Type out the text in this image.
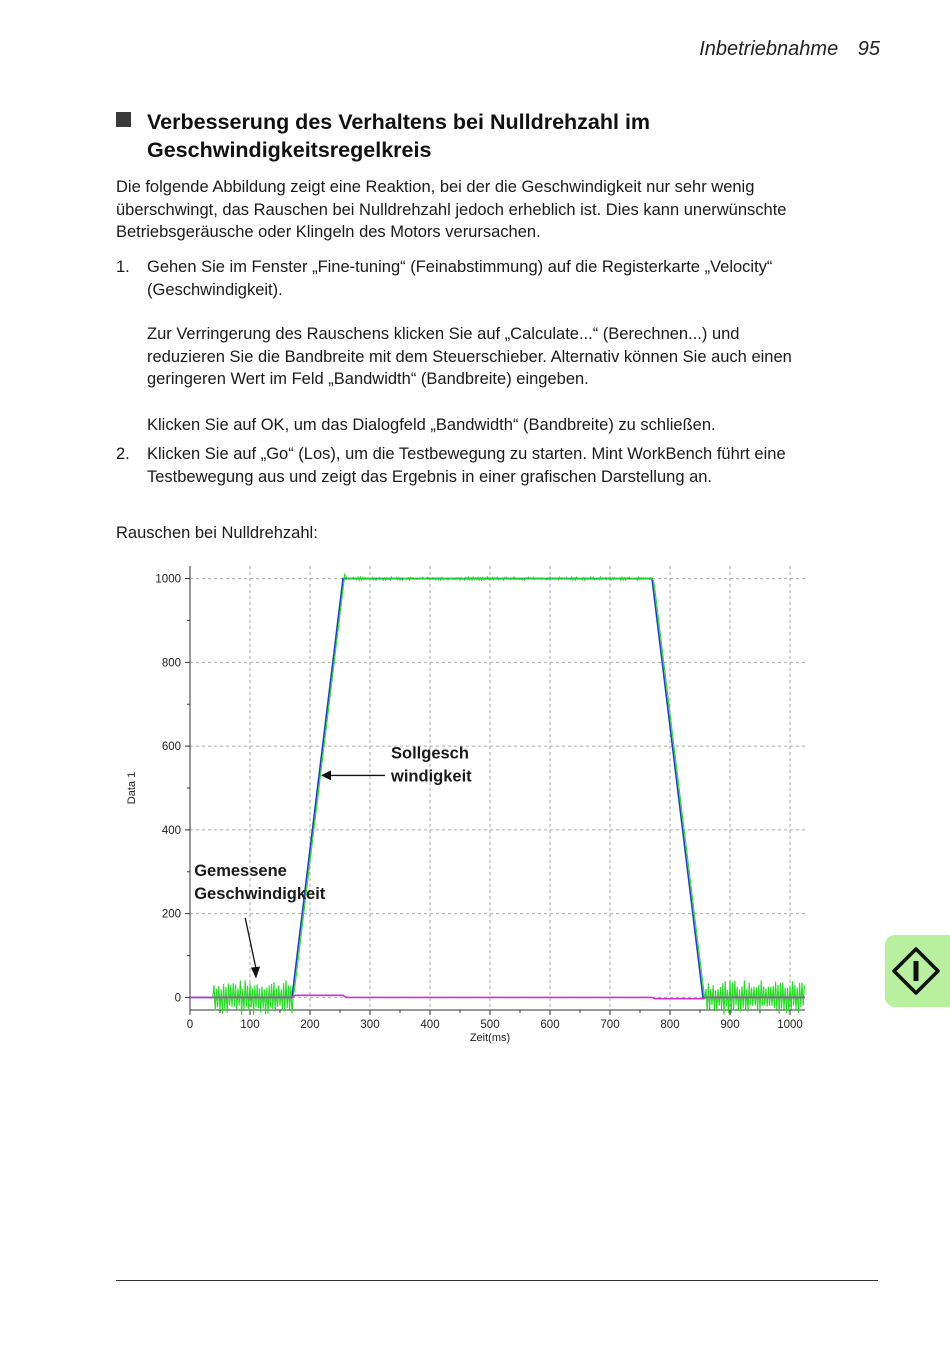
Inbetriebnahme 95
Verbesserung des Verhaltens bei Nulldrehzahl im
Geschwindigkeitsregelkreis
Die folgende Abbildung zeigt eine Reaktion, bei der die Geschwindigkeit nur sehr wenig
überschwingt, das Rauschen bei Nulldrehzahl jedoch erheblich ist. Dies kann unerwünschte
Betriebsgeräusche oder Klingeln des Motors verursachen.
1. Gehen Sie im Fenster „Fine-tuning“ (Feinabstimmung) auf die Registerkarte „Velocity“
(Geschwindigkeit).
Zur Verringerung des Rauschens klicken Sie auf „Calculate...“ (Berechnen...) und
reduzieren Sie die Bandbreite mit dem Steuerschieber. Alternativ können Sie auch einen
geringeren Wert im Feld „Bandwidth“ (Bandbreite) eingeben.
Klicken Sie auf OK, um das Dialogfeld „Bandwidth“ (Bandbreite) zu schließen.
2. Klicken Sie auf „Go“ (Los), um die Testbewegung zu starten. Mint WorkBench führt eine
Testbewegung aus und zeigt das Ergebnis in einer grafischen Darstellung an.
Rauschen bei Nulldrehzahl:
0	100	200	300	400	500	600	700	800	900	1000
0
200
400
600
800
1000
Zeit(ms)
Data 1
Sollgesch
windigkeit
Gemessene
Geschwindigkeit
